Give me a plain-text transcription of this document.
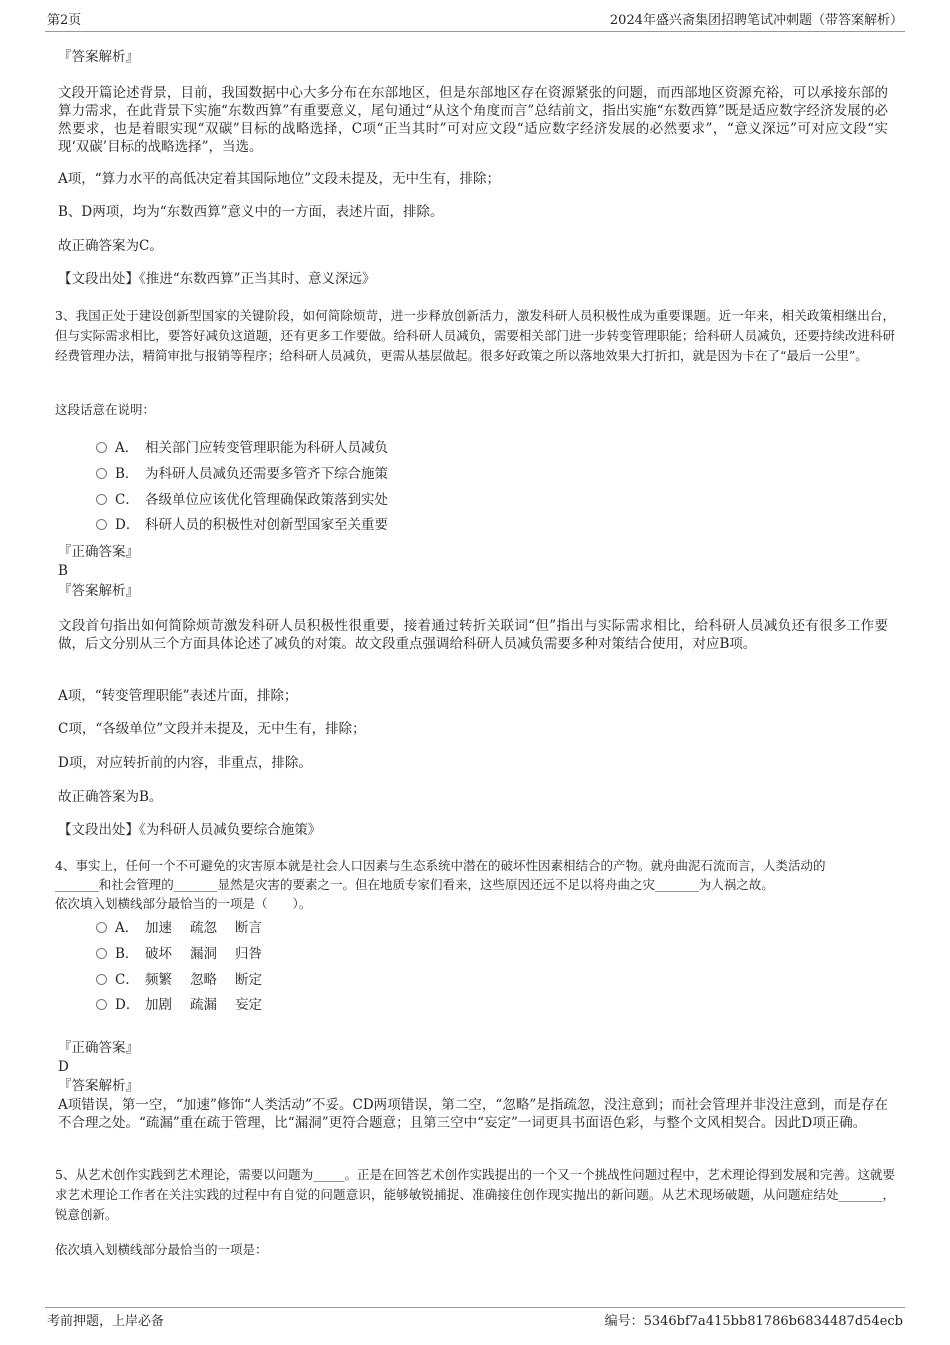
第2页	2024年盛兴斋集团招聘笔试冲刺题（带答案解析）
『答案解析』
文段开篇论述背景，目前，我国数据中心大多分布在东部地区，但是东部地区存在资源紧张的问题，而西部地区资源充裕，可以承接东部的算力需求，在此背景下实施“东数西算”有重要意义，尾句通过“从这个角度而言”总结前文，指出实施“东数西算”既是适应数字经济发展的必然要求，也是着眼实现“双碳”目标的战略选择，C项“正当其时”可对应文段“适应数字经济发展的必然要求”，“意义深远”可对应文段“实现‘双碳’目标的战略选择”，当选。
A项，“算力水平的高低决定着其国际地位”文段未提及，无中生有，排除；
B、D两项，均为“东数西算”意义中的一方面，表述片面，排除。
故正确答案为C。
【文段出处】《推进“东数西算”正当其时、意义深远》
3、我国正处于建设创新型国家的关键阶段，如何简除烦苛，进一步释放创新活力，激发科研人员积极性成为重要课题。近一年来，相关政策相继出台，但与实际需求相比，要答好减负这道题，还有更多工作要做。给科研人员减负，需要相关部门进一步转变管理职能；给科研人员减负，还要持续改进科研经费管理办法，精简审批与报销等程序；给科研人员减负，更需从基层做起。很多好政策之所以落地效果大打折扣，就是因为卡在了“最后一公里”。
这段话意在说明：
A． 相关部门应转变管理职能为科研人员减负
B． 为科研人员减负还需要多管齐下综合施策
C． 各级单位应该优化管理确保政策落到实处
D． 科研人员的积极性对创新型国家至关重要
『正确答案』
B
『答案解析』
文段首句指出如何简除烦苛激发科研人员积极性很重要，接着通过转折关联词“但”指出与实际需求相比，给科研人员减负还有很多工作要做，后文分别从三个方面具体论述了减负的对策。故文段重点强调给科研人员减负需要多种对策结合使用，对应B项。
A项，“转变管理职能”表述片面，排除；
C项，“各级单位”文段并未提及，无中生有，排除；
D项，对应转折前的内容，非重点，排除。
故正确答案为B。
【文段出处】《为科研人员减负要综合施策》
4、事实上，任何一个不可避免的灾害原本就是社会人口因素与生态系统中潜在的破坏性因素相结合的产物。就舟曲泥石流而言，人类活动的
_______和社会管理的_______显然是灾害的要素之一。但在地质专家们看来，这些原因还远不足以将舟曲之灾_______为人祸之故。
依次填入划横线部分最恰当的一项是（　　）。
A． 加速 疏忽 断言
B． 破坏 漏洞 归咎
C． 频繁 忽略 断定
D． 加剧 疏漏 妄定
『正确答案』
D
『答案解析』
A项错误，第一空，“加速”修饰“人类活动”不妥。CD两项错误，第二空，“忽略”是指疏忽，没注意到；而社会管理并非没注意到，而是存在不合理之处。“疏漏”重在疏于管理，比“漏洞”更符合题意；且第三空中“妄定”一词更具书面语色彩，与整个文风相契合。因此D项正确。
5、从艺术创作实践到艺术理论，需要以问题为_____。正是在回答艺术创作实践提出的一个又一个挑战性问题过程中，艺术理论得到发展和完善。这就要求艺术理论工作者在关注实践的过程中有自觉的问题意识，能够敏锐捕捉、准确接住创作现实抛出的新问题。从艺术现场破题，从问题症结处_______，锐意创新。
依次填入划横线部分最恰当的一项是：
考前押题，上岸必备	编号：5346bf7a415bb81786b6834487d54ecb
